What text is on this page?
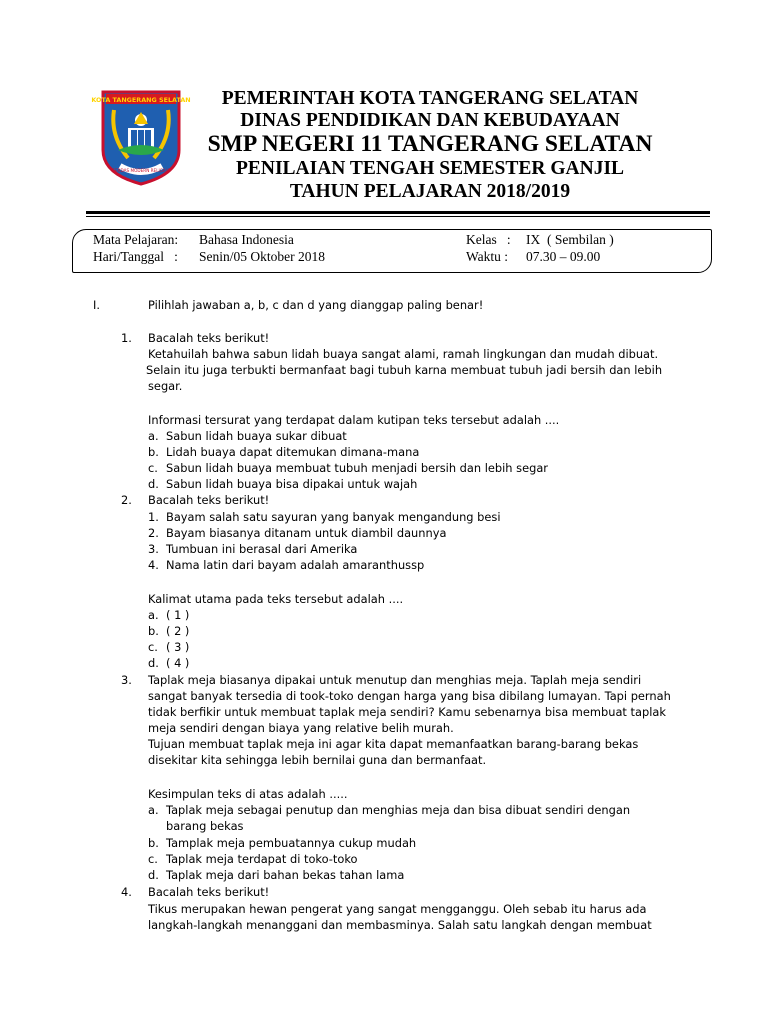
KOTA TANGERANG SELATAN
CERDAS MODERN RELIGIUS
PEMERINTAH KOTA TANGERANG SELATAN
DINAS PENDIDIKAN DAN KEBUDAYAAN
SMP NEGERI 11 TANGERANG SELATAN
PENILAIAN TENGAH SEMESTER GANJIL
TAHUN PELAJARAN 2018/2019
Mata Pelajaran: Bahasa Indonesia
Hari/Tanggal   : Senin/05 Oktober 2018
Kelas   : IX  ( Sembilan )
Waktu : 07.30 – 09.00
I.	Pilihlah jawaban a, b, c dan d yang dianggap paling benar!
1. Bacalah teks berikut!
Ketahuilah bahwa sabun lidah buaya sangat alami, ramah lingkungan dan mudah dibuat.
Selain itu juga terbukti bermanfaat bagi tubuh karna membuat tubuh jadi bersih dan lebih
segar.
Informasi tersurat yang terdapat dalam kutipan teks tersebut adalah ....
a. Sabun lidah buaya sukar dibuat
b. Lidah buaya dapat ditemukan dimana-mana
c. Sabun lidah buaya membuat tubuh menjadi bersih dan lebih segar
d. Sabun lidah buaya bisa dipakai untuk wajah
2. Bacalah teks berikut!
1. Bayam salah satu sayuran yang banyak mengandung besi
2. Bayam biasanya ditanam untuk diambil daunnya
3. Tumbuan ini berasal dari Amerika
4. Nama latin dari bayam adalah amaranthussp
Kalimat utama pada teks tersebut adalah ....
a. ( 1 )
b. ( 2 )
c. ( 3 )
d. ( 4 )
3. Taplak meja biasanya dipakai untuk menutup dan menghias meja. Taplah meja sendiri
sangat banyak tersedia di took-toko dengan harga yang bisa dibilang lumayan. Tapi pernah
tidak berfikir untuk membuat taplak meja sendiri? Kamu sebenarnya bisa membuat taplak
meja sendiri dengan biaya yang relative belih murah.
Tujuan membuat taplak meja ini agar kita dapat memanfaatkan barang-barang bekas
disekitar kita sehingga lebih bernilai guna dan bermanfaat.
Kesimpulan teks di atas adalah .....
a. Taplak meja sebagai penutup dan menghias meja dan bisa dibuat sendiri dengan
barang bekas
b. Tamplak meja pembuatannya cukup mudah
c. Taplak meja terdapat di toko-toko
d. Taplak meja dari bahan bekas tahan lama
4. Bacalah teks berikut!
Tikus merupakan hewan pengerat yang sangat mengganggu. Oleh sebab itu harus ada
langkah-langkah menanggani dan membasminya. Salah satu langkah dengan membuat
